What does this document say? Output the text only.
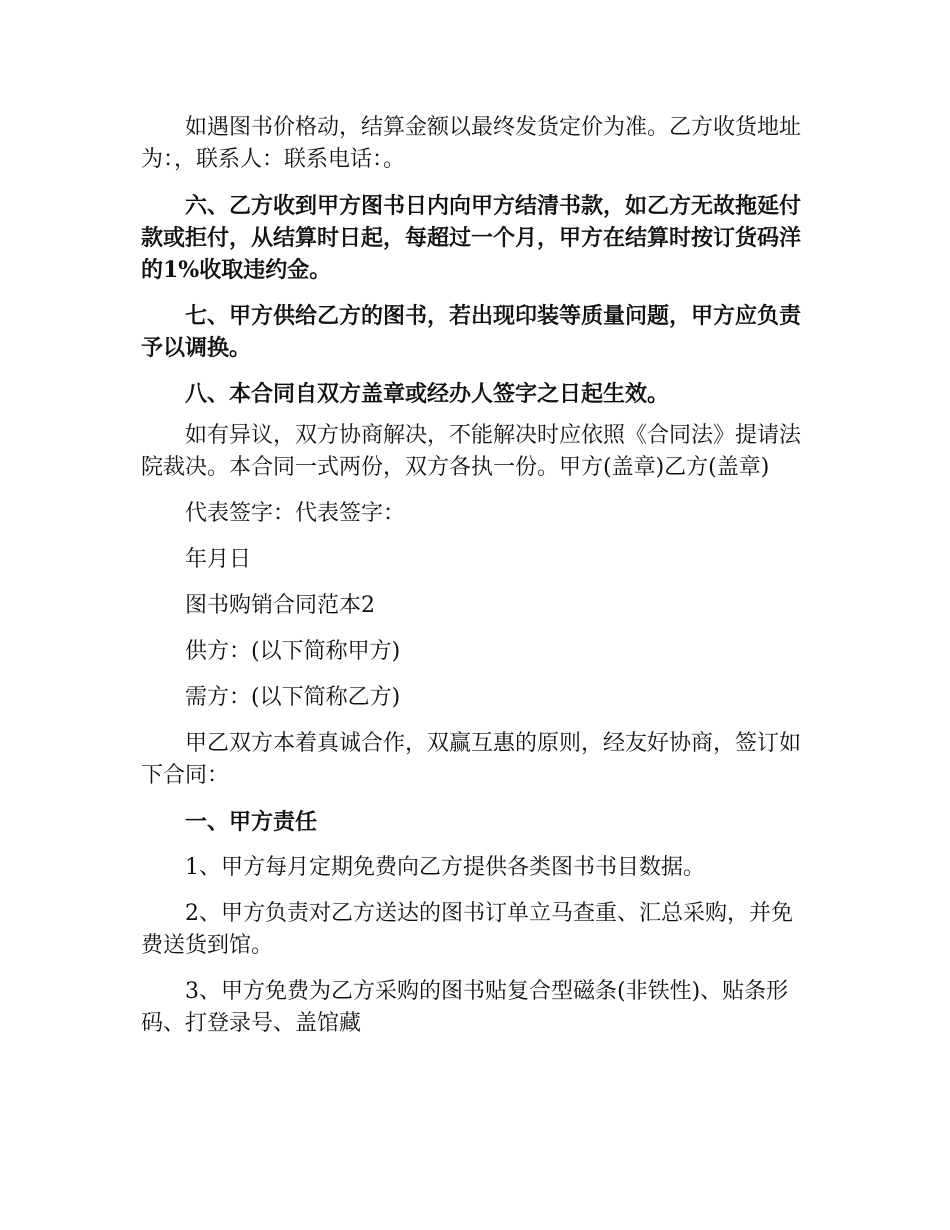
如遇图书价格动，结算金额以最终发货定价为准。乙方收货地址为：，联系人：联系电话：。

六、乙方收到甲方图书日内向甲方结清书款，如乙方无故拖延付款或拒付，从结算时日起，每超过一个月，甲方在结算时按订货码洋的1%收取违约金。

七、甲方供给乙方的图书，若出现印装等质量问题，甲方应负责予以调换。

八、本合同自双方盖章或经办人签字之日起生效。

如有异议，双方协商解决，不能解决时应依照《合同法》提请法院裁决。本合同一式两份，双方各执一份。甲方(盖章)乙方(盖章)

代表签字：代表签字：

年月日

图书购销合同范本2

供方：(以下简称甲方)

需方：(以下简称乙方)

甲乙双方本着真诚合作，双赢互惠的原则，经友好协商，签订如下合同：

一、甲方责任

1、甲方每月定期免费向乙方提供各类图书书目数据。

2、甲方负责对乙方送达的图书订单立马查重、汇总采购，并免费送货到馆。

3、甲方免费为乙方采购的图书贴复合型磁条(非铁性)、贴条形码、打登录号、盖馆藏
